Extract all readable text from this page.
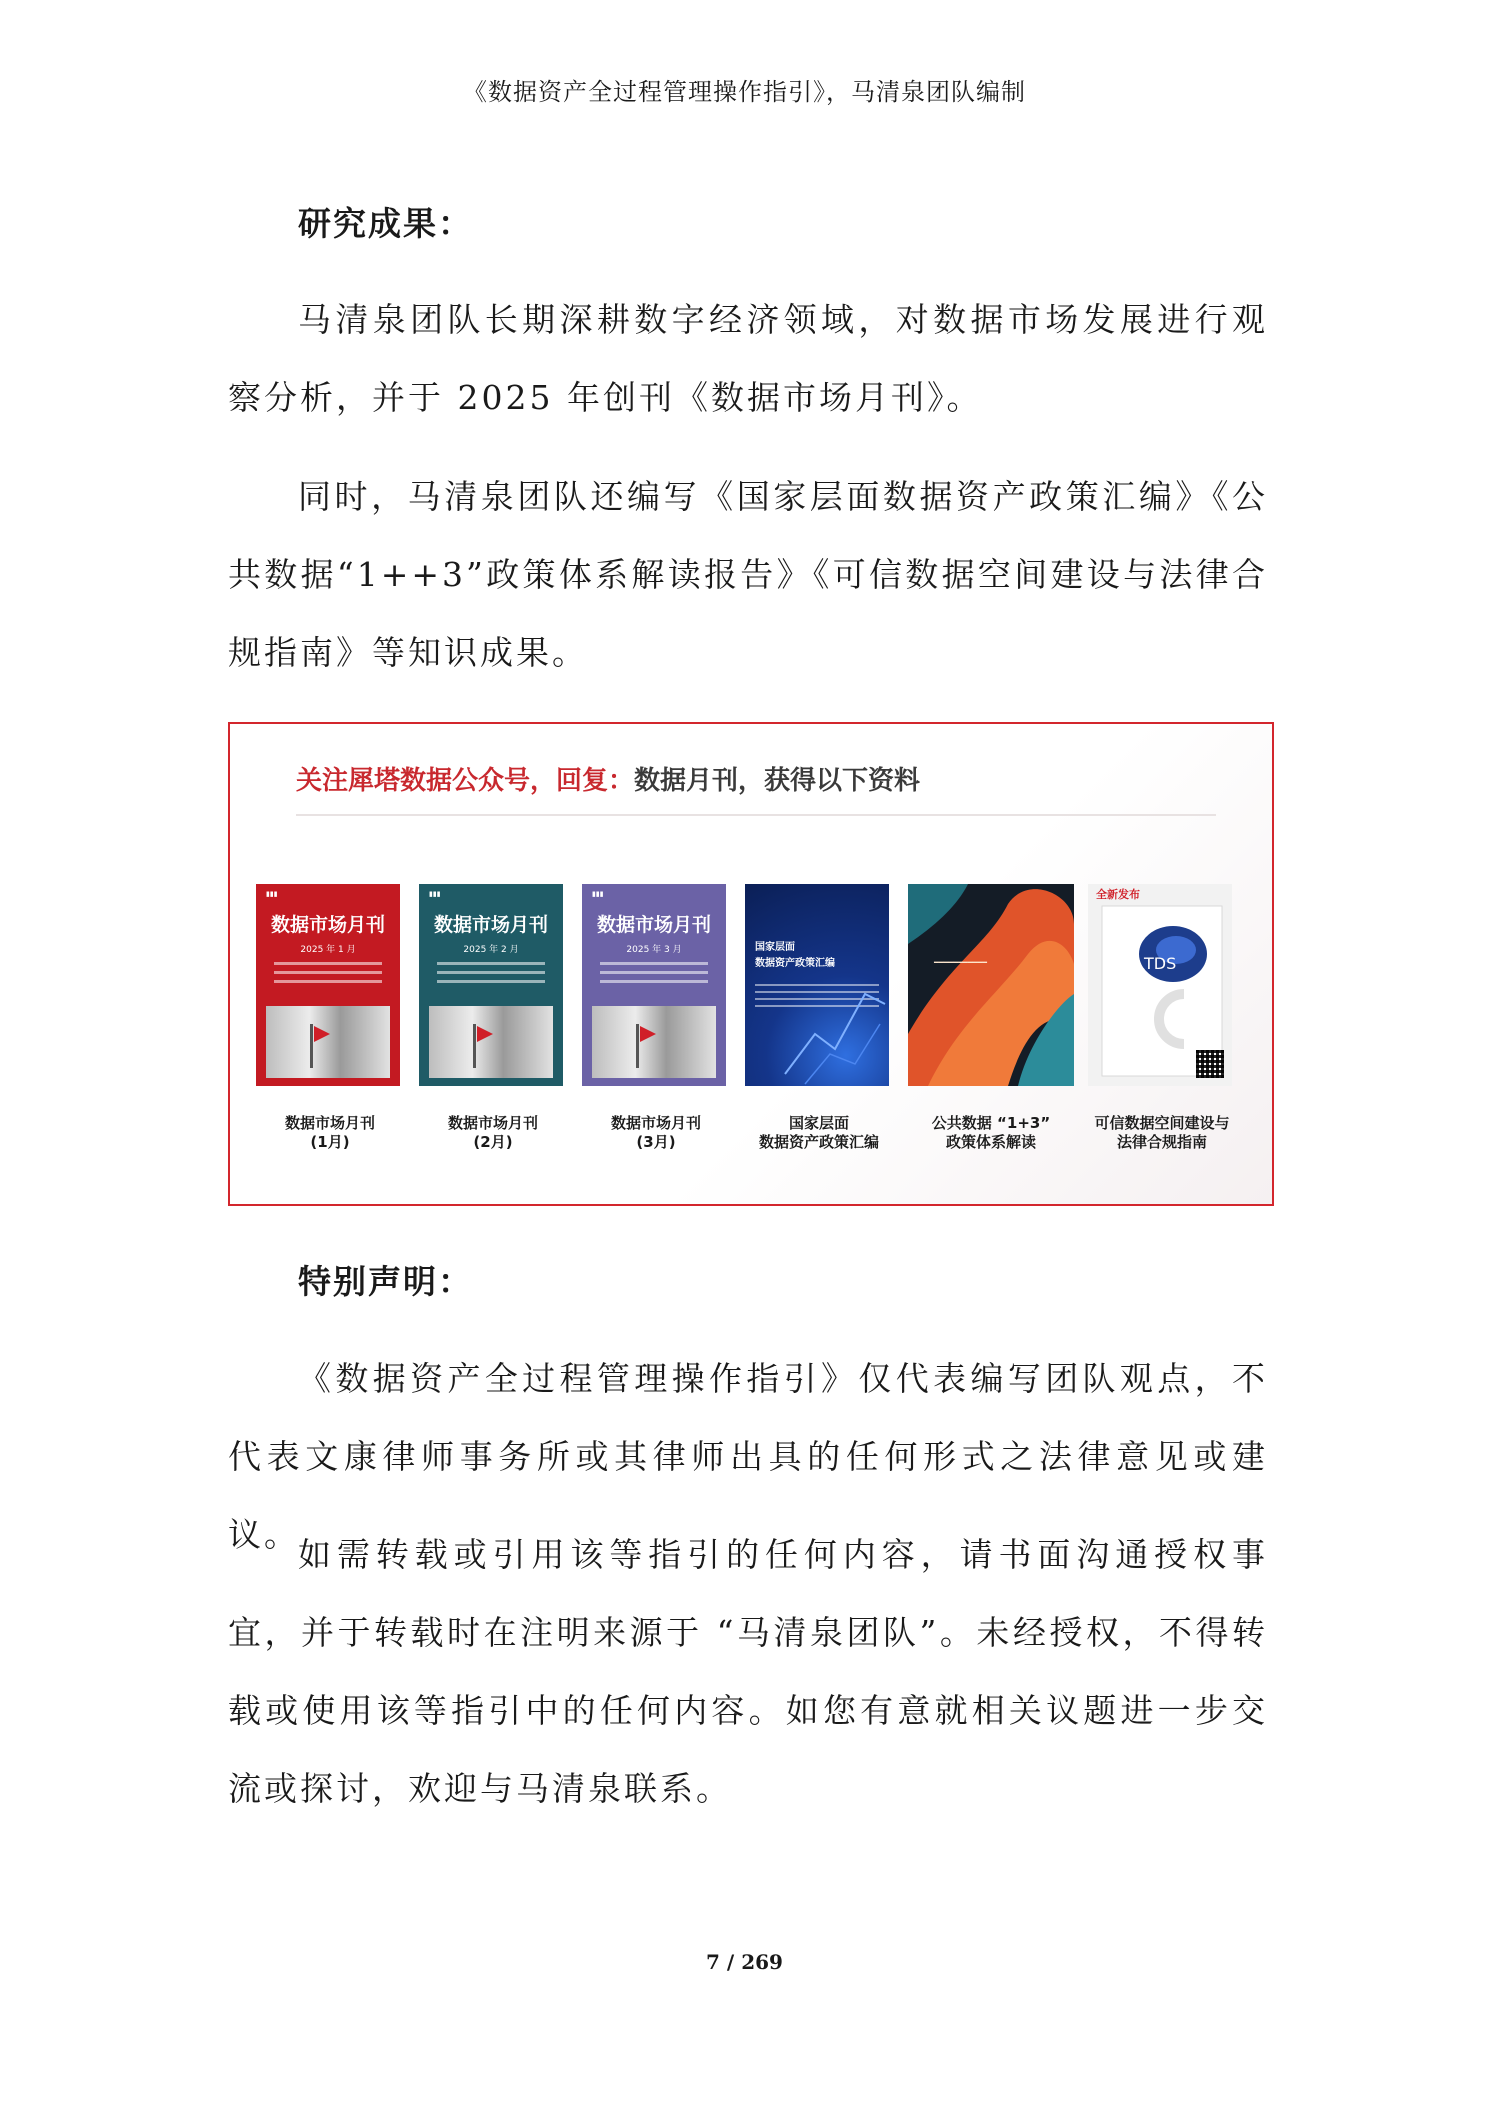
《数据资产全过程管理操作指引》，马清泉团队编制
研究成果：
马清泉团队长期深耕数字经济领域，对数据市场发展进行观察分析，并于 2025 年创刊《数据市场月刊》。
同时，马清泉团队还编写《国家层面数据资产政策汇编》《公共数据“1++3”政策体系解读报告》《可信数据空间建设与法律合规指南》等知识成果。
关注犀塔数据公众号，回复：数据月刊，获得以下资料
▮▮▮
数据市场月刊
2025 年 1 月
数据市场月刊
(1月)
▮▮▮
数据市场月刊
2025 年 2 月
数据市场月刊
(2月)
▮▮▮
数据市场月刊
2025 年 3 月
数据市场月刊
(3月)
国家层面
数据资产政策汇编
国家层面
数据资产政策汇编
━━━━━━━━━━━
公共数据 “1+3”
政策体系解读
全新发布
TDS
可信数据空间建设与
法律合规指南
特别声明：
《数据资产全过程管理操作指引》仅代表编写团队观点，不代表文康律师事务所或其律师出具的任何形式之法律意见或建议。
如需转载或引用该等指引的任何内容，请书面沟通授权事宜，并于转载时在注明来源于 “马清泉团队”。未经授权，不得转载或使用该等指引中的任何内容。如您有意就相关议题进一步交流或探讨，欢迎与马清泉联系。
7 / 269
